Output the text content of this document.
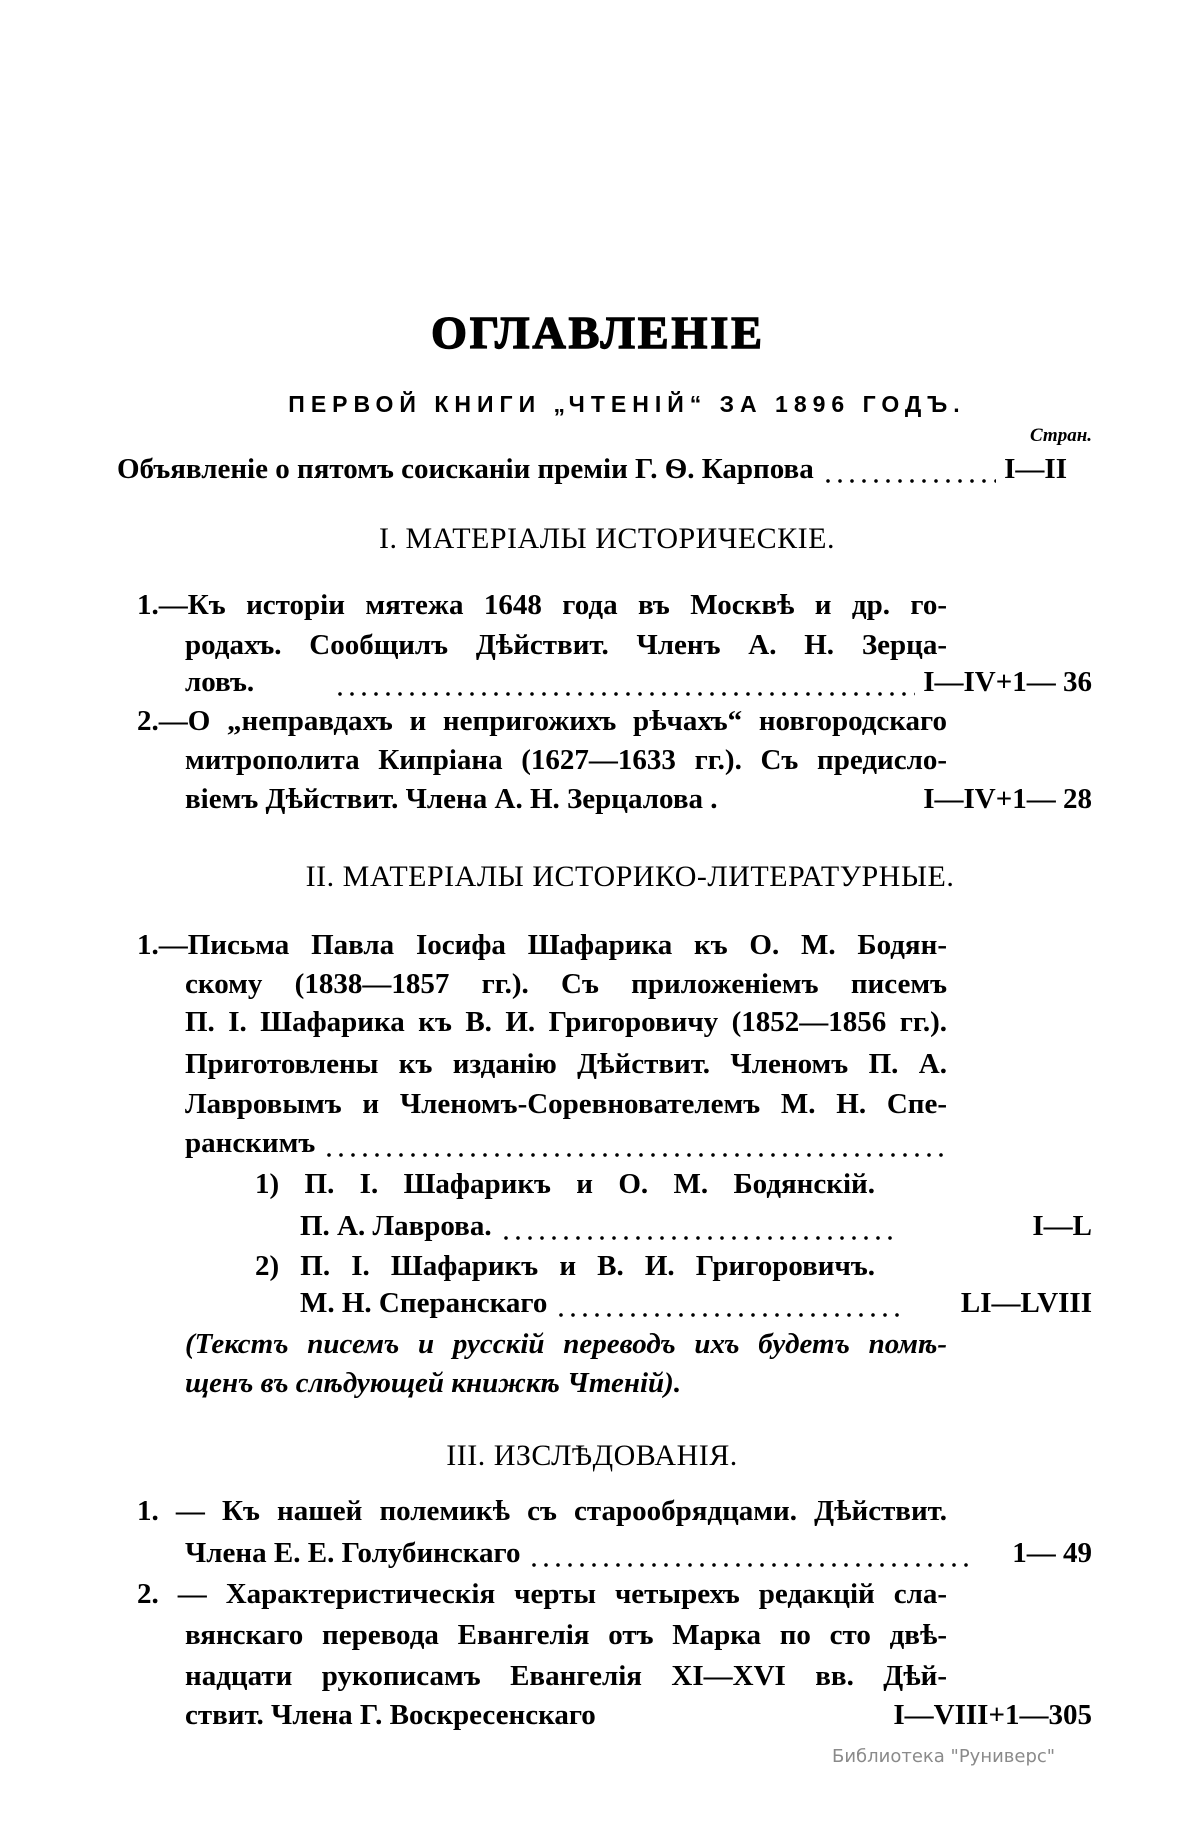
ОГЛАВЛЕНІЕ
ПЕРВОЙ КНИГИ „ЧТЕНІЙ“ ЗА 1896 ГОДЪ.
Стран.
Объявленіе о пятомъ соисканіи преміи Г. Ѳ. Карпова	I—II
I. МАТЕРІАЛЫ ИСТОРИЧЕСКІЕ.
1.—Къ исторіи мятежа 1648 года въ Москвѣ и др. го-
родахъ. Сообщилъ Дѣйствит. Членъ А. Н. Зерца-
ловъ.	I—IV+1— 36
2.—О „неправдахъ и непригожихъ рѣчахъ“ новгородскаго
митрополита Кипріана (1627—1633 гг.). Съ предисло-
віемъ Дѣйствит. Члена А. Н. Зерцалова .	I—IV+1— 28
II. МАТЕРІАЛЫ ИСТОРИКО-ЛИТЕРАТУРНЫЕ.
1.—Письма Павла Іосифа Шафарика къ О. М. Бодян-
скому (1838—1857 гг.). Съ приложеніемъ писемъ
П. І. Шафарика къ В. И. Григоровичу (1852—1856 гг.).
Приготовлены къ изданію Дѣйствит. Членомъ П. А.
Лавровымъ и Членомъ-Соревнователемъ М. Н. Спе-
ранскимъ
1) П. І. Шафарикъ и О. М. Бодянскій.
П. А. Лаврова.	I—L
2) П. І. Шафарикъ и В. И. Григоровичъ.
М. Н. Сперанскаго	LI—LVIII
(Текстъ писемъ и русскій переводъ ихъ будетъ помѣ-
щенъ въ слѣдующей книжкѣ Чтеній).
III. ИЗСЛѢДОВАНІЯ.
1. — Къ нашей полемикѣ съ старообрядцами. Дѣйствит.
Члена Е. Е. Голубинскаго	1— 49
2. — Характеристическія черты четырехъ редакцій сла-
вянскаго перевода Евангелія отъ Марка по сто двѣ-
надцати рукописамъ Евангелія XI—XVI вв. Дѣй-
ствит. Члена Г. Воскресенскаго	I—VIII+1—305
Библиотека "Руниверс"
